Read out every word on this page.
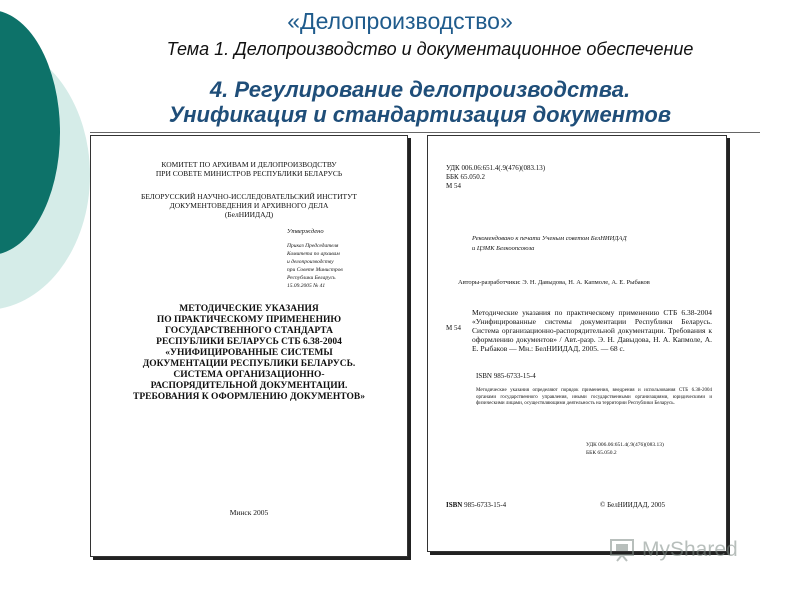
«Делопроизводство»
Тема 1. Делопроизводство и документационное обеспечение
4. Регулирование делопроизводства.
Унификация и стандартизация документов
КОМИТЕТ ПО АРХИВАМ И ДЕЛОПРОИЗВОДСТВУ
ПРИ СОВЕТЕ МИНИСТРОВ РЕСПУБЛИКИ БЕЛАРУСЬ
БЕЛОРУССКИЙ НАУЧНО-ИССЛЕДОВАТЕЛЬСКИЙ ИНСТИТУТ
ДОКУМЕНТОВЕДЕНИЯ И АРХИВНОГО ДЕЛА
(БелНИИДАД)
Утверждено
Приказ Председателя
Комитета по архивам
и делопроизводству
при Совете Министров
Республики Беларусь
15.09.2005 № 41
МЕТОДИЧЕСКИЕ УКАЗАНИЯ
ПО ПРАКТИЧЕСКОМУ ПРИМЕНЕНИЮ
ГОСУДАРСТВЕННОГО СТАНДАРТА
РЕСПУБЛИКИ БЕЛАРУСЬ СТБ 6.38-2004
«УНИФИЦИРОВАННЫЕ СИСТЕМЫ
ДОКУМЕНТАЦИИ РЕСПУБЛИКИ БЕЛАРУСЬ.
СИСТЕМА ОРГАНИЗАЦИОННО-
РАСПОРЯДИТЕЛЬНОЙ ДОКУМЕНТАЦИИ.
ТРЕБОВАНИЯ К ОФОРМЛЕНИЮ ДОКУМЕНТОВ»
Минск 2005
УДК 006.06:651.4(.9(476)(083.13)
ББК 65.050.2
М 54
Рекомендовано к печати Ученым советом БелНИИДАД
и ЦЗМК Белкоопсоюза
Авторы-разработчики: Э. Н. Давыдова, Н. А. Капмоле, А. Е. Рыбаков
М 54
Методические указания по практическому применению СТБ 6.38-2004 «Унифицированные системы документации Республики Беларусь. Система организационно-распорядительной документации. Требования к оформлению документов» / Авт.-разр. Э. Н. Давыдова, Н. А. Капмоле, А. Е. Рыбаков — Мн.: БелНИИДАД, 2005. — 68 с.
ISBN 985-6733-15-4
Методические указания определяют порядок применения, внедрения и использования СТБ 6.38-2004 органами государственного управления, иными государственными организациями, юридическими и физическими лицами, осуществляющими деятельность на территории Республики Беларусь.
УДК 006.06:651.4(.9(476)(083.13)
ББК 65.050.2
ISBN 985-6733-15-4	© БелНИИДАД, 2005
MyShared
